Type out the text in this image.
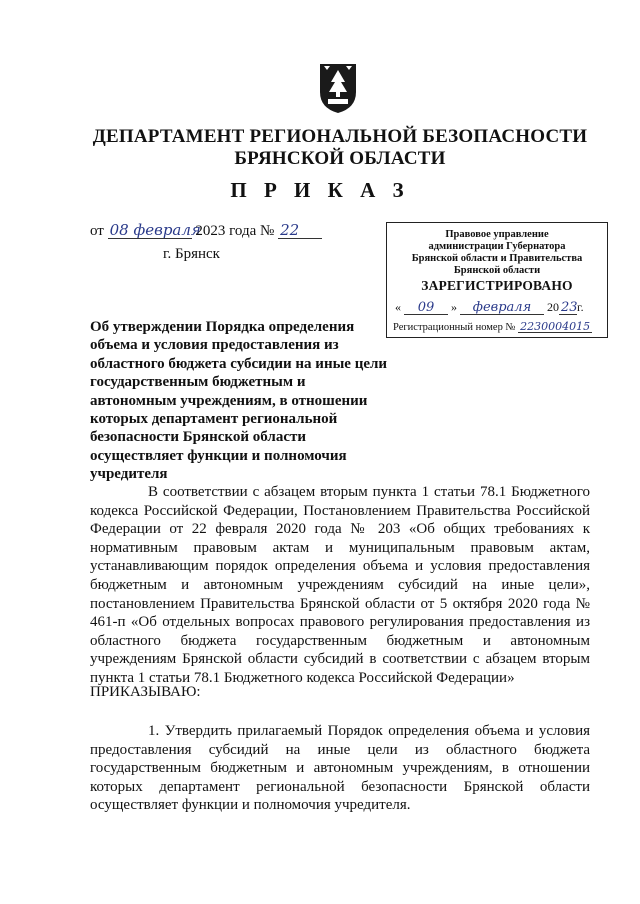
ДЕПАРТАМЕНТ РЕГИОНАЛЬНОЙ БЕЗОПАСНОСТИ
БРЯНСКОЙ ОБЛАСТИ
П Р И К А З
от 08 февраля 2023 года № 22
г. Брянск
Правовое управление
администрации Губернатора
Брянской области и Правительства
Брянской области
ЗАРЕГИСТРИРОВАНО
« 09 » февраля 20 23г.
Регистрационный номер № 2230004015
Об утверждении Порядка определения объема и условия предоставления из областного бюджета субсидии на иные цели государственным бюджетным и автономным учреждениям, в отношении которых департамент региональной безопасности Брянской области осуществляет функции и полномочия учредителя
В соответствии с абзацем вторым пункта 1 статьи 78.1 Бюджетного кодекса Российской Федерации, Постановлением Правительства Российской Федерации от 22 февраля 2020 года № 203 «Об общих требованиях к нормативным правовым актам и муниципальным правовым актам, устанавливающим порядок определения объема и условия предоставления бюджетным и автономным учреждениям субсидий на иные цели», постановлением Правительства Брянской области от 5 октября 2020 года № 461-п «Об отдельных вопросах правового регулирования предоставления из областного бюджета государственным бюджетным и автономным учреждениям Брянской области субсидий в соответствии с абзацем вторым пункта 1 статьи 78.1 Бюджетного кодекса Российской Федерации»
ПРИКАЗЫВАЮ:
1. Утвердить прилагаемый Порядок определения объема и условия предоставления субсидий на иные цели из областного бюджета государственным бюджетным и автономным учреждениям, в отношении которых департамент региональной безопасности Брянской области осуществляет функции и полномочия учредителя.
